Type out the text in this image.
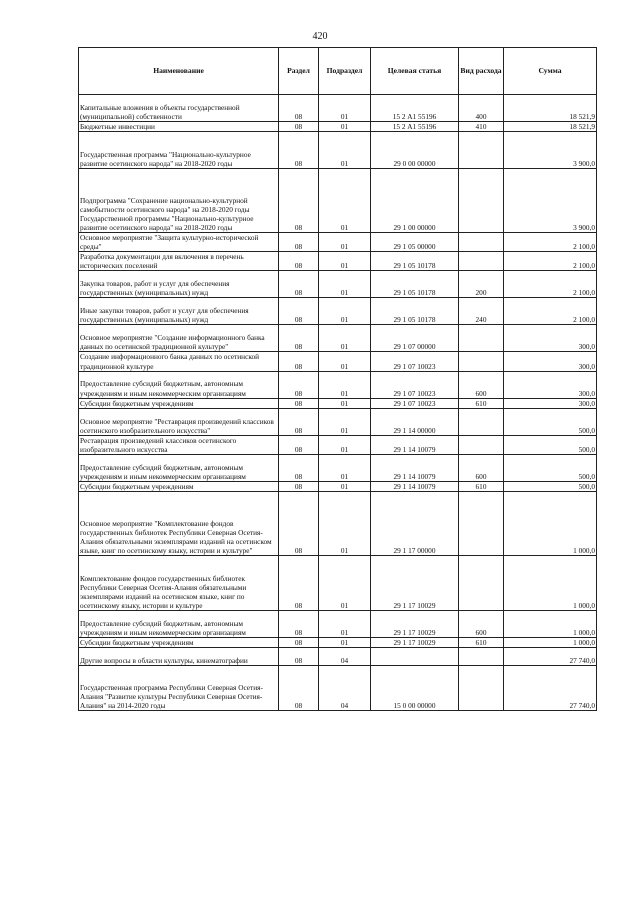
420
Наименование	Раздел	Подраздел	Целевая статья	Вид расхода	Сумма
Капитальные вложения в объекты государственной (муниципальной) собственности	08	01	15 2 А1 55196	400	18 521,9
Бюджетные инвестиции	08	01	15 2 А1 55196	410	18 521,9
Государственная программа "Национально-культурное развитие осетинского народа" на 2018-2020 годы	08	01	29 0 00 00000		3 900,0
Подпрограмма "Сохранение национально-культурной самобытности осетинского народа" на 2018-2020 годы Государственной программы "Национально-культурное развитие осетинского народа" на 2018-2020 годы	08	01	29 1 00 00000		3 900,0
Основное мероприятие "Защита культурно-исторической среды"	08	01	29 1 05 00000		2 100,0
Разработка документации для включения в перечень исторических поселений	08	01	29 1 05 10178		2 100,0
Закупка товаров, работ и услуг для обеспечения государственных (муниципальных) нужд	08	01	29 1 05 10178	200	2 100,0
Иные закупки товаров, работ и услуг для обеспечения государственных (муниципальных) нужд	08	01	29 1 05 10178	240	2 100,0
Основное мероприятие "Создание информационного банка данных по осетинской традиционной культуре"	08	01	29 1 07 00000		300,0
Создание информационного банка данных по осетинской традиционной культуре	08	01	29 1 07 10023		300,0
Предоставление субсидий бюджетным, автономным учреждениям и иным некоммерческим организациям	08	01	29 1 07 10023	600	300,0
Субсидии бюджетным учреждениям	08	01	29 1 07 10023	610	300,0
Основное мероприятие "Реставрация произведений классиков осетинского изобразительного искусства"	08	01	29 1 14 00000		500,0
Реставрация произведений классиков осетинского изобразительного искусства	08	01	29 1 14 10079		500,0
Предоставление субсидий бюджетным, автономным учреждениям и иным некоммерческим организациям	08	01	29 1 14 10079	600	500,0
Субсидии бюджетным учреждениям	08	01	29 1 14 10079	610	500,0
Основное мероприятие "Комплектование фондов государственных библиотек Республики Северная Осетия-Алания обязательными экземплярами изданий на осетинском языке, книг по осетинскому языку, истории и культуре"	08	01	29 1 17 00000		1 000,0
Комплектование фондов государственных библиотек Республики Северная Осетия-Алания обязательными экземплярами изданий на осетинском языке, книг по осетинскому языку, истории и культуре	08	01	29 1 17 10029		1 000,0
Предоставление субсидий бюджетным, автономным учреждениям и иным некоммерческим организациям	08	01	29 1 17 10029	600	1 000,0
Субсидии бюджетным учреждениям	08	01	29 1 17 10029	610	1 000,0
Другие вопросы в области культуры, кинематографии	08	04			27 740,0
Государственная программа Республики Северная Осетия-Алания "Развитие культуры Республики Северная Осетия-Алания" на 2014-2020 годы	08	04	15 0 00 00000		27 740,0
